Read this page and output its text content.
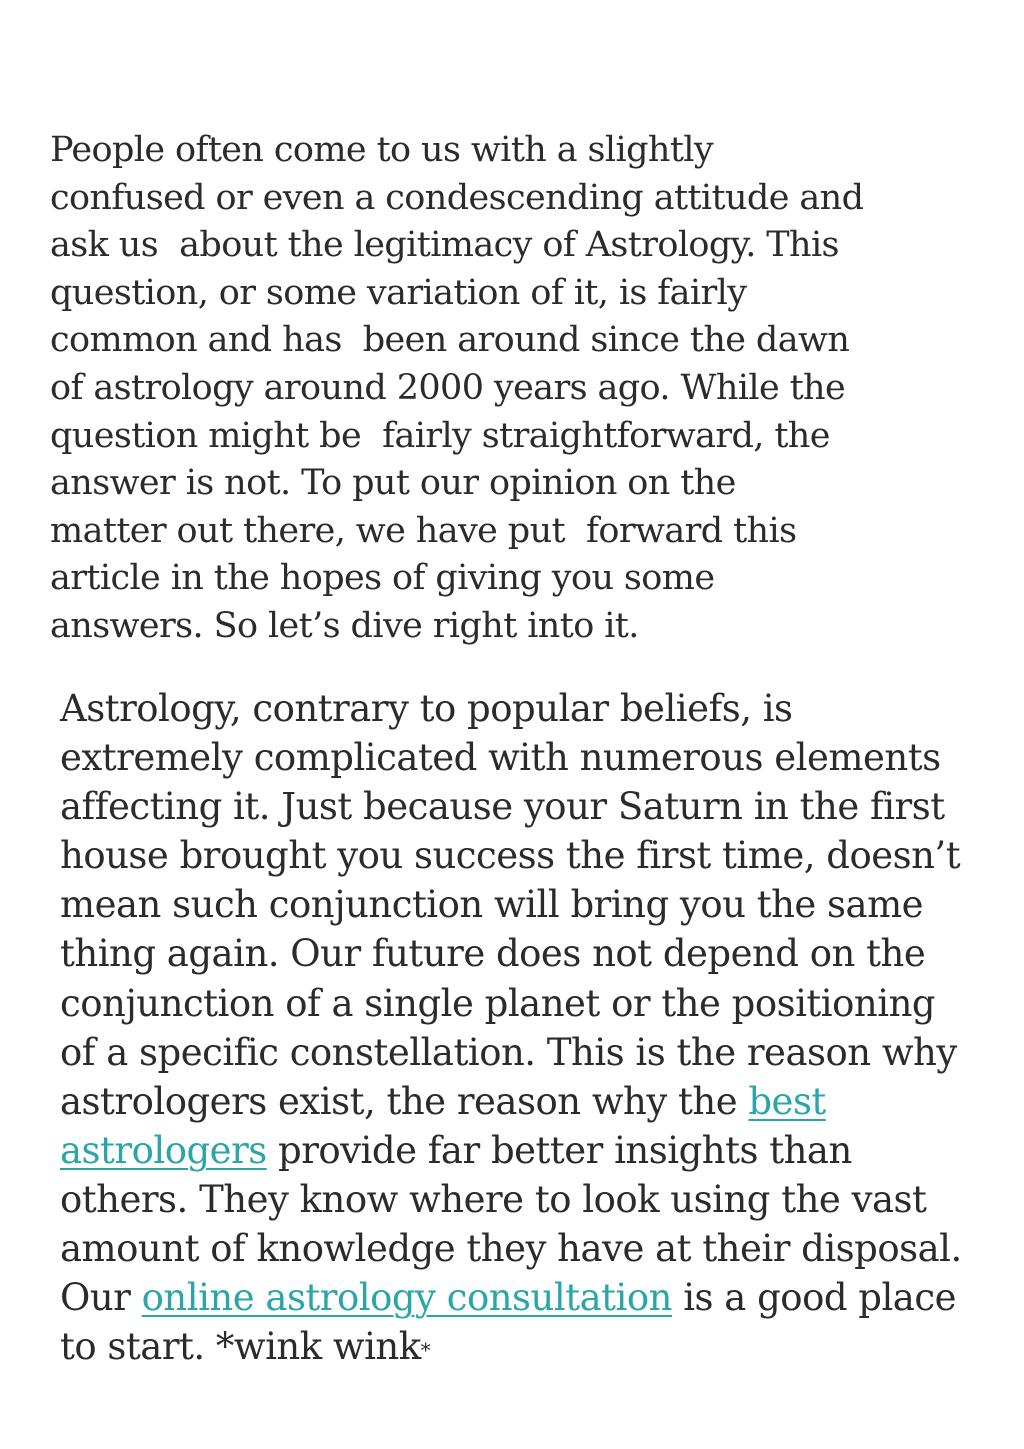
People often come to us with a slightly
confused or even a condescending attitude and
ask us  about the legitimacy of Astrology. This
question, or some variation of it, is fairly
common and has  been around since the dawn
of astrology around 2000 years ago. While the
question might be  fairly straightforward, the
answer is not. To put our opinion on the
matter out there, we have put  forward this
article in the hopes of giving you some
answers. So let’s dive right into it.
Astrology, contrary to popular beliefs, is
extremely complicated with numerous elements
affecting it. Just because your Saturn in the first
house brought you success the first time, doesn’t
mean such conjunction will bring you the same
thing again. Our future does not depend on the
conjunction of a single planet or the positioning
of a specific constellation. This is the reason why
astrologers exist, the reason why the best
astrologers provide far better insights than
others. They know where to look using the vast
amount of knowledge they have at their disposal.
Our online astrology consultation is a good place
to start. *wink wink*
